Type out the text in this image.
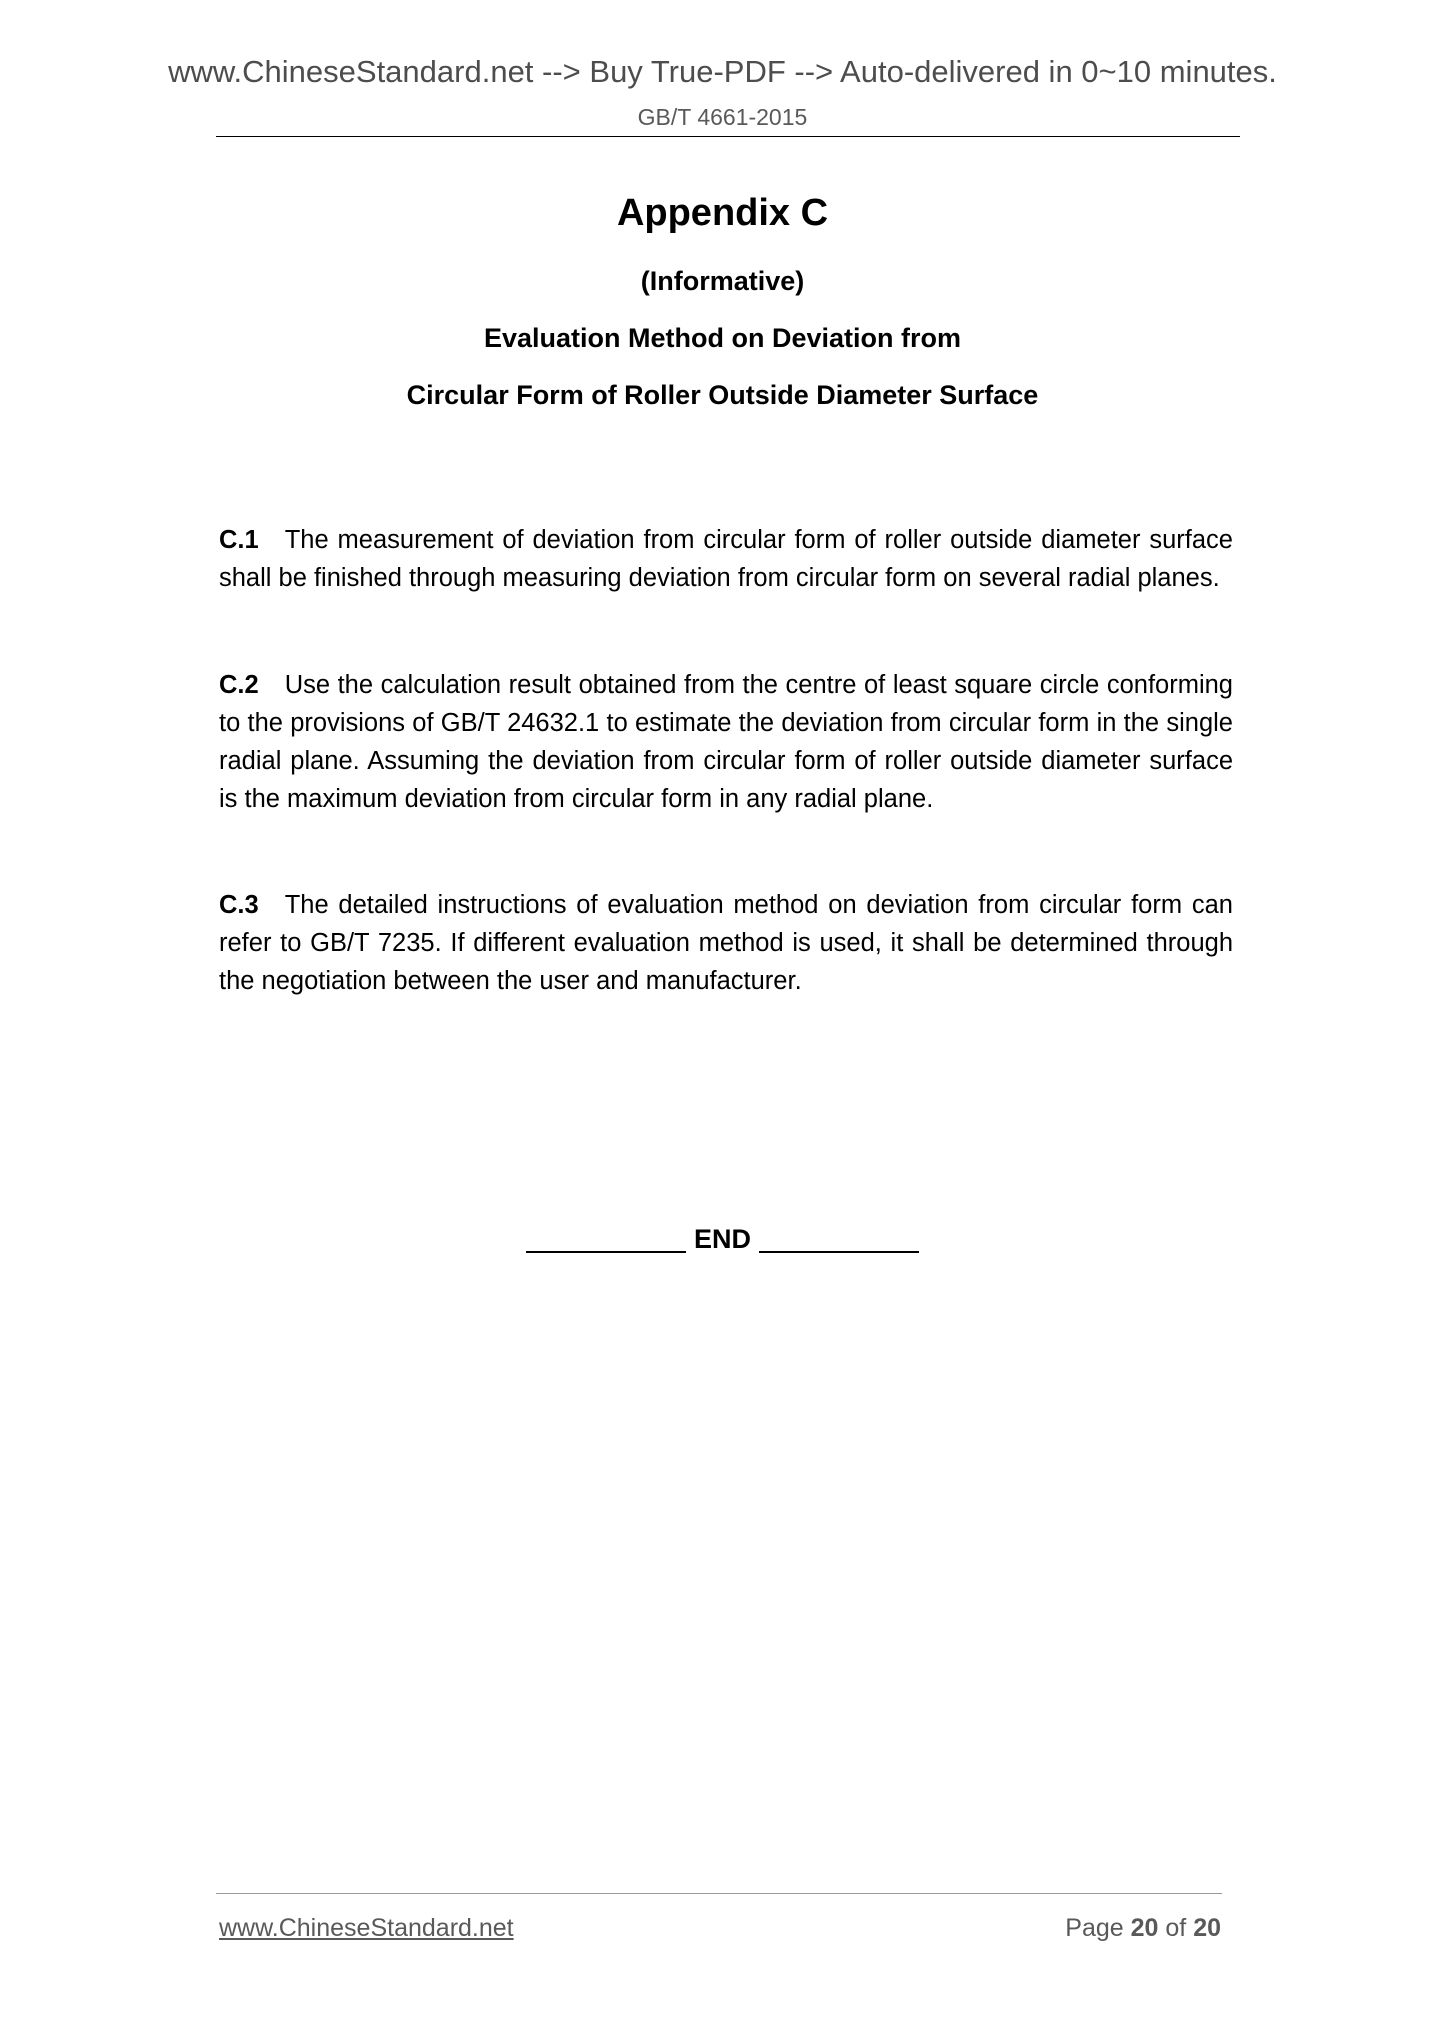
www.ChineseStandard.net --> Buy True-PDF --> Auto-delivered in 0~10 minutes.
GB/T 4661-2015
Appendix C
(Informative)
Evaluation Method on Deviation from
Circular Form of Roller Outside Diameter Surface

C.1 The measurement of deviation from circular form of roller outside diameter surface shall be finished through measuring deviation from circular form on several radial planes.

C.2 Use the calculation result obtained from the centre of least square circle conforming to the provisions of GB/T 24632.1 to estimate the deviation from circular form in the single radial plane. Assuming the deviation from circular form of roller outside diameter surface is the maximum deviation from circular form in any radial plane.

C.3 The detailed instructions of evaluation method on deviation from circular form can refer to GB/T 7235. If different evaluation method is used, it shall be determined through the negotiation between the user and manufacturer.

END
www.ChineseStandard.net	Page 20 of 20
